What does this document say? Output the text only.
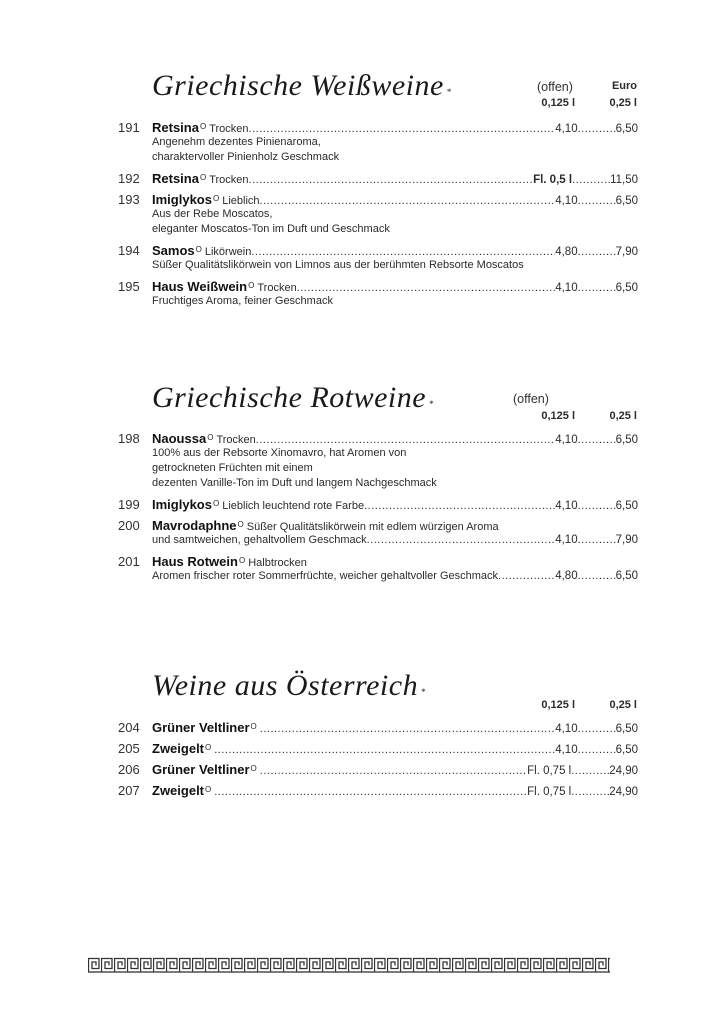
Griechische Weißweine *	(offen)	Euro
0,125 l	0,25 l
191 Retsina O Trocken .....	4,10 .....	6,50
Angenehm dezentes Pinienaroma,
charaktervoller Pinienholz Geschmack
192 Retsina O Trocken .....	Fl. 0,5 l .....	11,50
193 Imiglykos O Lieblich .....	4,10 .....	6,50
Aus der Rebe Moscatos,
eleganter Moscatos-Ton im Duft und Geschmack
194 Samos O Likörwein .....	4,80 .....	7,90
Süßer Qualitätslikörwein von Limnos aus der berühmten Rebsorte Moscatos
195 Haus Weißwein O Trocken .....	4,10 .....	6,50
Fruchtiges Aroma, feiner Geschmack
Griechische Rotweine *	(offen)
0,125 l	0,25 l
198 Naoussa O Trocken .....	4,10 .....	6,50
100% aus der Rebsorte Xinomavro, hat Aromen von
getrockneten Früchten mit einem
dezenten Vanille-Ton im Duft und langem Nachgeschmack
199 Imiglykos O Lieblich leuchtend rote Farbe .....	4,10 .....	6,50
200 Mavrodaphne O Süßer Qualitätslikörwein mit edlem würzigen Aroma
und samtweichen, gehaltvollem Geschmack .....	4,10 .....	7,90
201 Haus Rotwein O Halbtrocken
Aromen frischer roter Sommerfrüchte, weicher gehaltvoller Geschmack .....	4,80 .....	6,50
Weine aus Österreich *
0,125 l	0,25 l
204 Grüner Veltliner O .....	4,10 .....	6,50
205 Zweigelt O .....	4,10 .....	6,50
206 Grüner Veltliner O .....	Fl. 0,75 l .....	24,90
207 Zweigelt O .....	Fl. 0,75 l .....	24,90
